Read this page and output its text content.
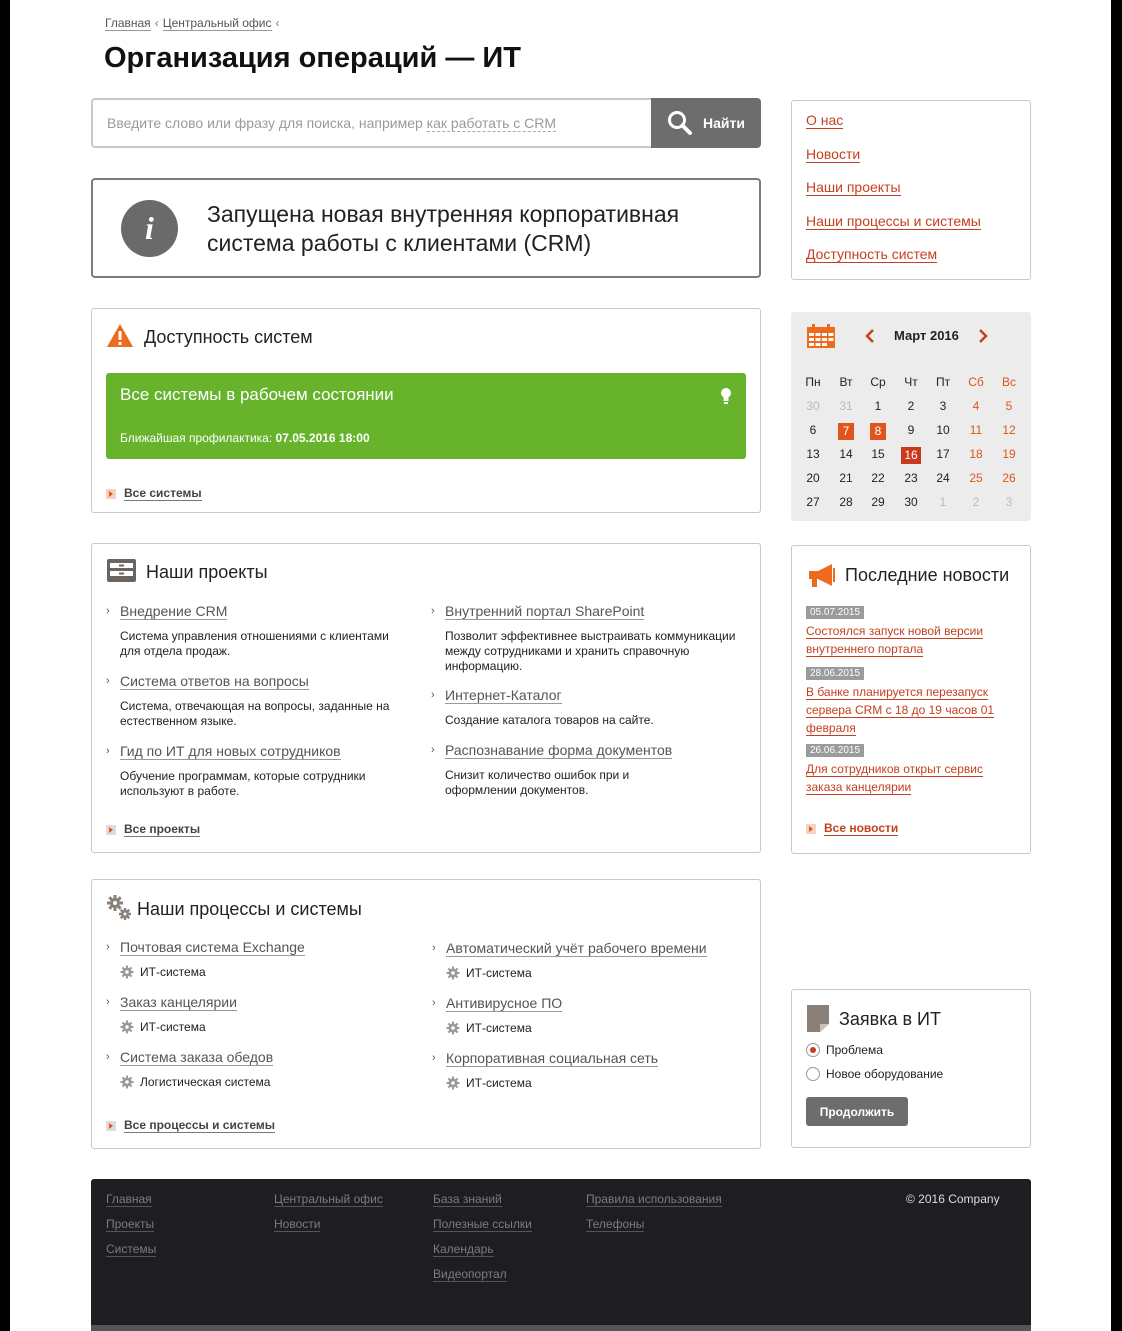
Главная ‹ Центральный офис ‹
Организация операций — ИТ
Введите слово или фразу для поиска, например как работать с CRM	Найти
i	Запущена новая внутренняя корпоративная система работы с клиентами (CRM)
Доступность систем
Все системы в рабочем состоянии
Ближайшая профилактика: 07.05.2016 18:00
Все системы
Наши проекты
› Внедрение CRM
Система управления отношениями с клиентами для отдела продаж.
› Внутренний портал SharePoint
Позволит эффективнее выстраивать коммуникации между сотрудниками и хранить справочную информацию.
› Система ответов на вопросы
Система, отвечающая на вопросы, заданные на естественном языке.
› Интернет-Каталог
Создание каталога товаров на сайте.
› Гид по ИТ для новых сотрудников
Обучение программам, которые сотрудники используют в работе.
› Распознавание форма документов
Снизит количество ошибок при и оформлении документов.
Все проекты
Наши процессы и системы
› Почтовая система Exchange
ИТ-система
› Автоматический учёт рабочего времени
ИТ-система
› Заказ канцелярии
ИТ-система
› Антивирусное ПО
ИТ-система
› Система заказа обедов
Логистическая система
› Корпоративная социальная сеть
ИТ-система
Все процессы и системы
О нас
Новости
Наши проекты
Наши процессы и системы
Доступность систем
Март 2016
Пн	Вт	Ср	Чт	Пт	Сб	Вс
30	31	1	2	3	4	5
6	7	8	9	10	11	12
13	14	15	16	17	18	19
20	21	22	23	24	25	26
27	28	29	30	1	2	3
Последние новости
05.07.2015
Состоялся запуск новой версии внутреннего портала
28.06.2015
В банке планируется перезапуск сервера CRM с 18 до 19 часов 01 февраля
26.06.2015
Для сотрудников открыт сервис заказа канцелярии
Все новости
Заявка в ИТ
Проблема
Новое оборудование
Продолжить
Главная
Проекты
Системы
Центральный офис
Новости
База знаний
Полезные ссылки
Календарь
Видеопортал
Правила использования
Телефоны
© 2016 Company
